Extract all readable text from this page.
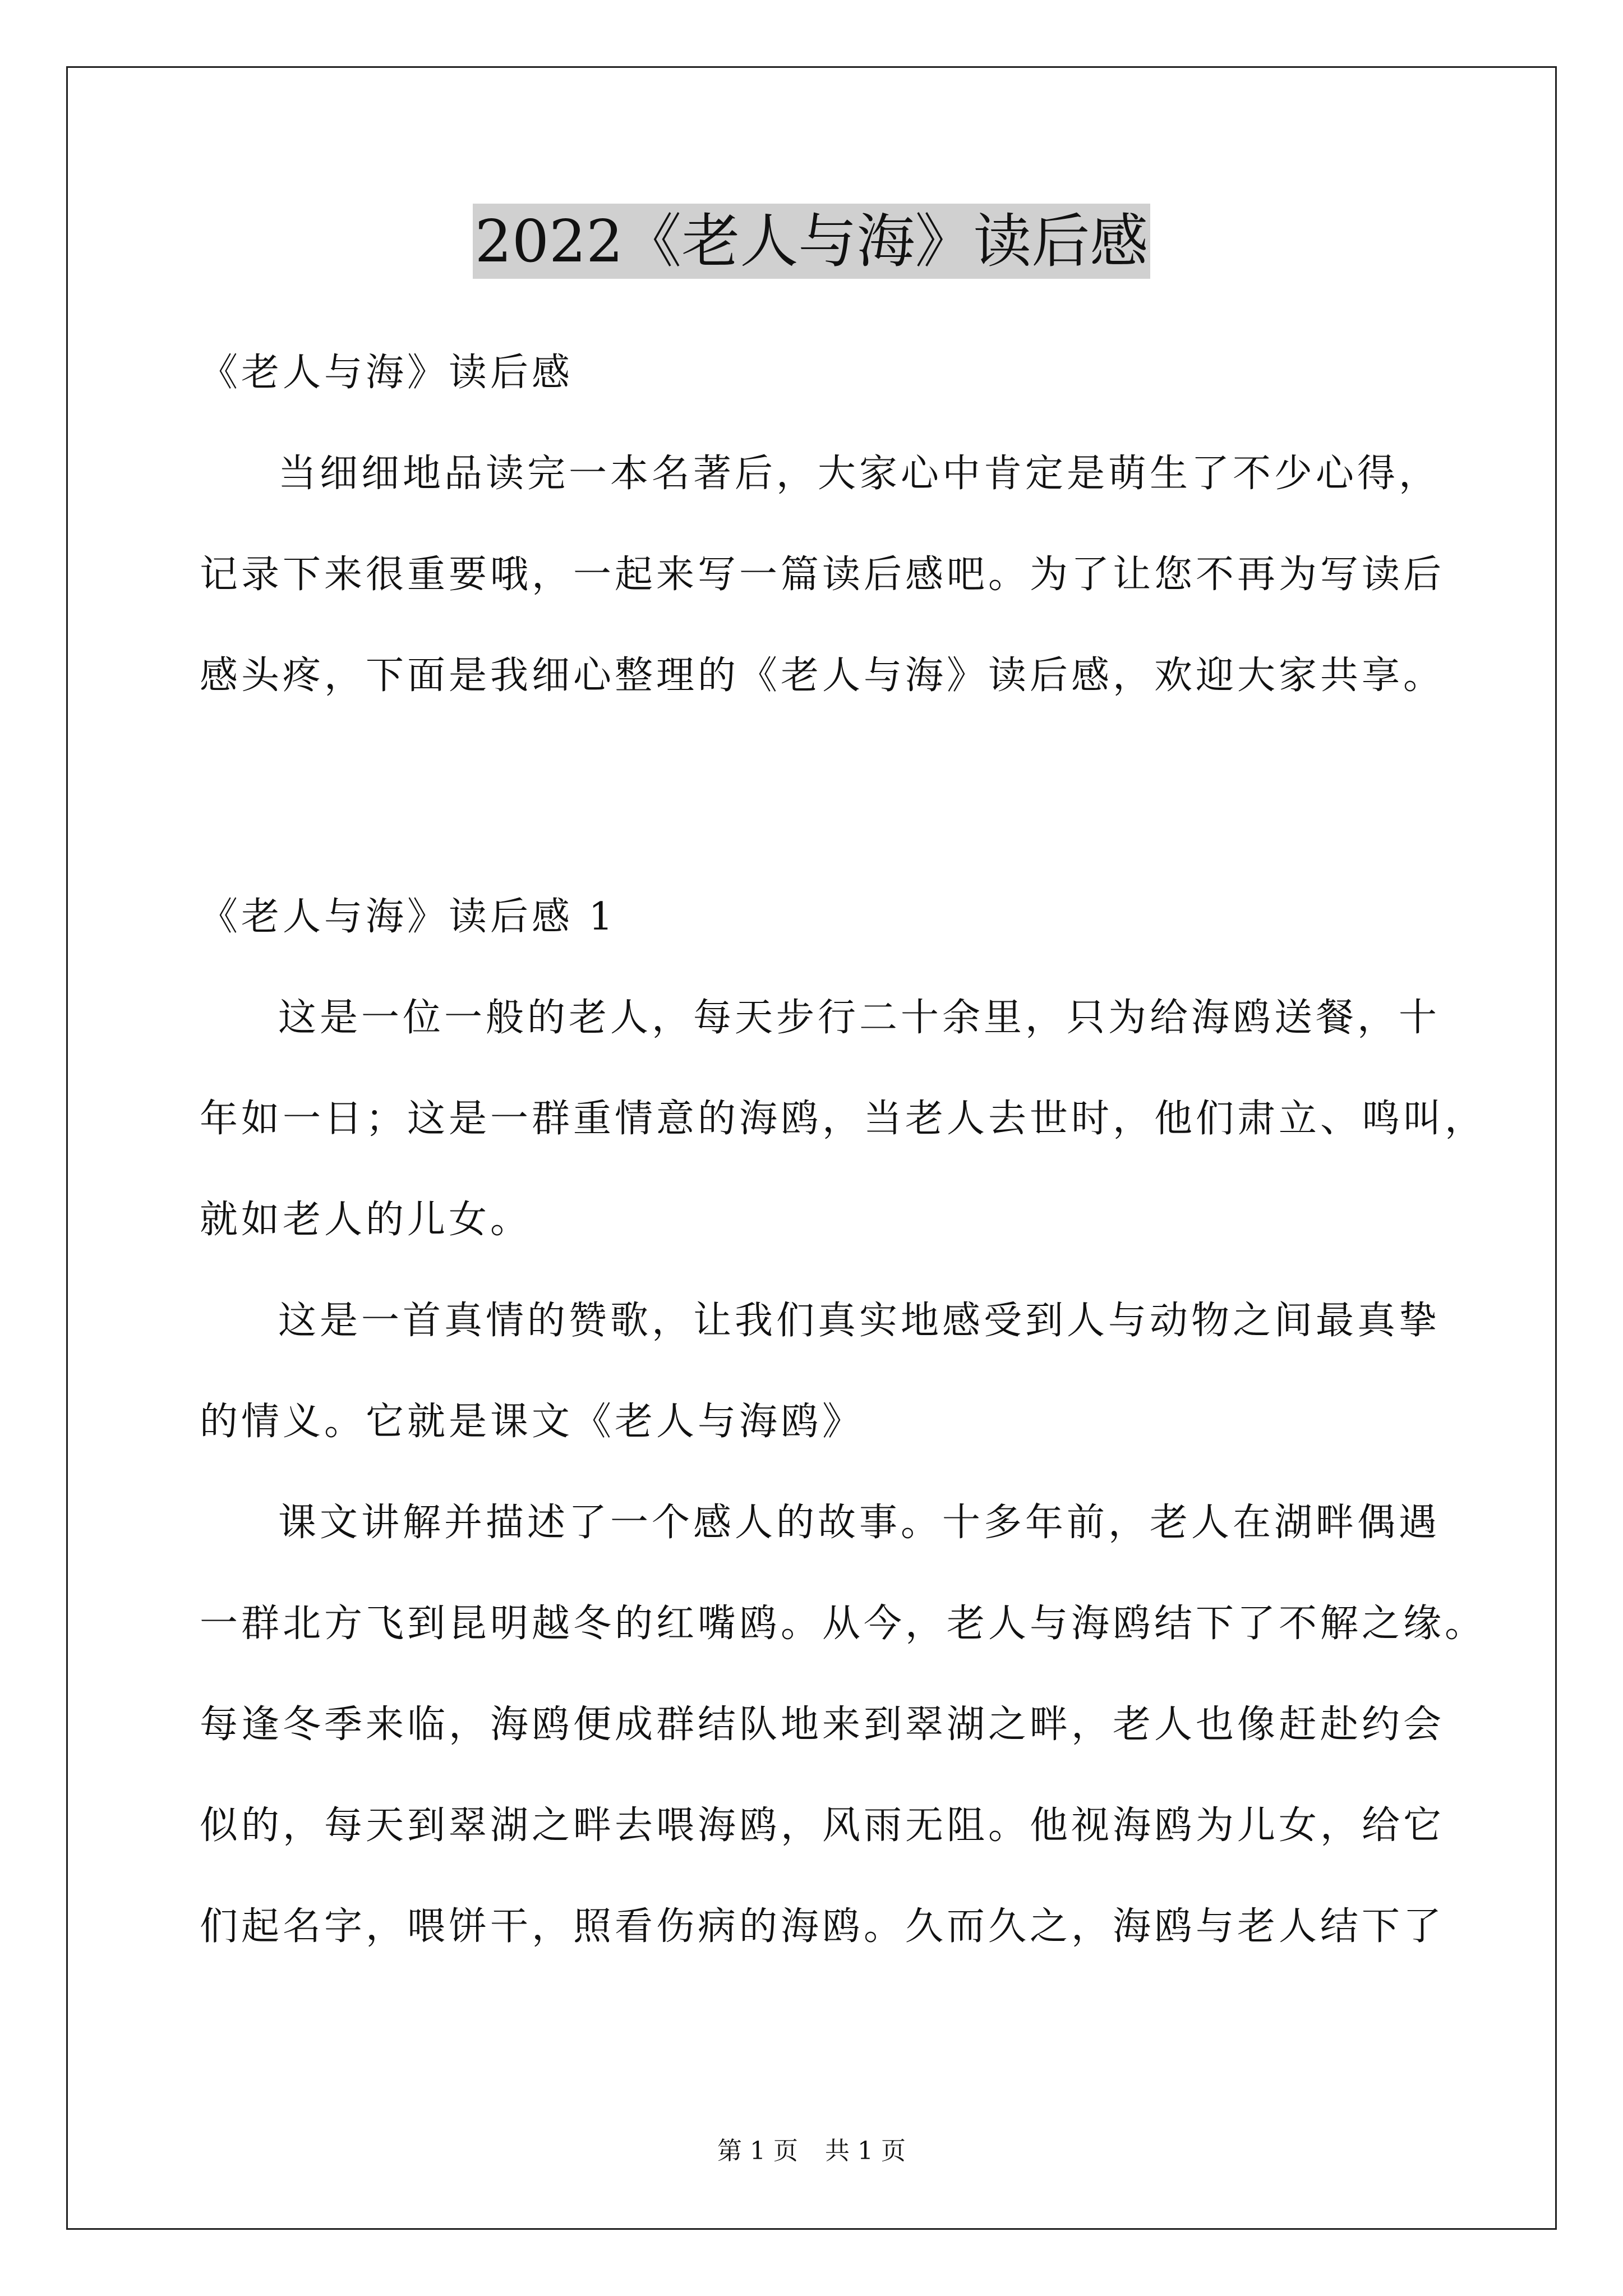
2022《老人与海》读后感
《老人与海》读后感
当细细地品读完一本名著后，大家心中肯定是萌生了不少心得，
记录下来很重要哦，一起来写一篇读后感吧。为了让您不再为写读后
感头疼，下面是我细心整理的《老人与海》读后感，欢迎大家共享。
《老人与海》读后感 1
这是一位一般的老人，每天步行二十余里，只为给海鸥送餐，十
年如一日；这是一群重情意的海鸥，当老人去世时，他们肃立、鸣叫，
就如老人的儿女。
这是一首真情的赞歌，让我们真实地感受到人与动物之间最真挚
的情义。它就是课文《老人与海鸥》
课文讲解并描述了一个感人的故事。十多年前，老人在湖畔偶遇
一群北方飞到昆明越冬的红嘴鸥。从今，老人与海鸥结下了不解之缘。
每逢冬季来临，海鸥便成群结队地来到翠湖之畔，老人也像赶赴约会
似的，每天到翠湖之畔去喂海鸥，风雨无阻。他视海鸥为儿女，给它
们起名字，喂饼干，照看伤病的海鸥。久而久之，海鸥与老人结下了
第 1 页 共 1 页
